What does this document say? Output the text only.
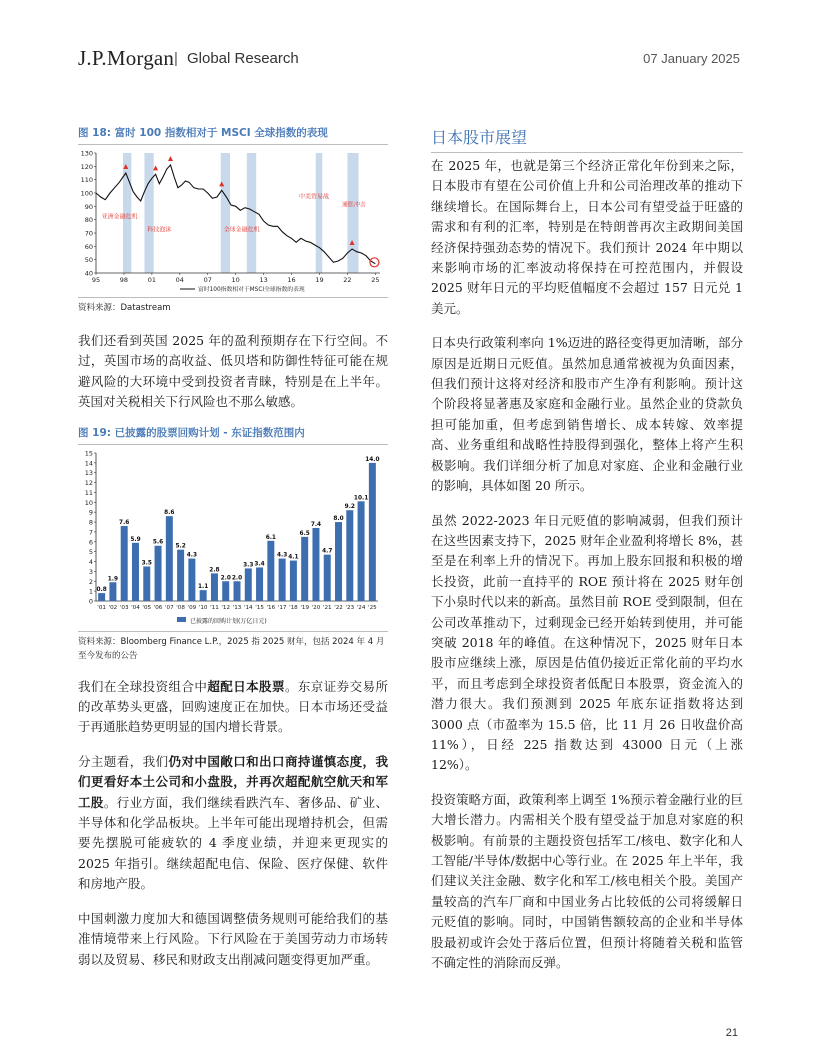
J.P.Morgan | Global Research	07 January 2025

图 18: 富时 100 指数相对于 MSCI 全球指数的表现

40
50
60
70
80
90
100
110
120
130
95	98	01	04	07	10	13	16	19	22	25
亚洲金融危机
科技泡沫	全球金融危机
中美贸易战
通胀冲击
富时100指数相对于MSCI全球指数的表现
资料来源：Datastream

我们还看到英国 2025 年的盈利预期存在下行空间。不过，英国市场的高收益、低贝塔和防御性特征可能在规避风险的大环境中受到投资者青睐，特别是在上半年。英国对关税相关下行风险也不那么敏感。

图 19: 已披露的股票回购计划 - 东证指数范围内

0
1
2
3
4
5
6
7
8
9
10
11
12
13
14
15
0.8
'01
1.9
'02
7.6
'03
5.9
'04
3.5
'05
5.6
'06
8.6
'07
5.2
'08
4.3
'09
1.1
'10
2.8
'11
2.0
'12
2.0
'13
3.3
'14
3.4
'15
6.1
'16
4.3
'17
4.1
'18
6.5
'19
7.4
'20
4.7
'21
8.0
'22
9.2
'23
10.1
'24
14.0
'25
已披露的回购计划(万亿日元)
资料来源：Bloomberg Finance L.P.，2025 指 2025 财年，包括 2024 年 4 月至今发布的公告

我们在全球投资组合中超配日本股票。东京证券交易所的改革势头更盛，回购速度正在加快。日本市场还受益于再通胀趋势更明显的国内增长背景。

分主题看，我们仍对中国敞口和出口商持谨慎态度，我们更看好本土公司和小盘股，并再次超配航空航天和军工股。行业方面，我们继续看跌汽车、奢侈品、矿业、半导体和化学品板块。上半年可能出现增持机会，但需要先摆脱可能疲软的 4 季度业绩，并迎来更现实的 2025 年指引。继续超配电信、保险、医疗保健、软件和房地产股。

中国刺激力度加大和德国调整债务规则可能给我们的基准情境带来上行风险。下行风险在于美国劳动力市场转弱以及贸易、移民和财政支出削减问题变得更加严重。

日本股市展望

在 2025 年，也就是第三个经济正常化年份到来之际，日本股市有望在公司价值上升和公司治理改革的推动下继续增长。在国际舞台上，日本公司有望受益于旺盛的需求和有利的汇率，特别是在特朗普再次主政期间美国经济保持强劲态势的情况下。我们预计 2024 年中期以来影响市场的汇率波动将保持在可控范围内，并假设 2025 财年日元的平均贬值幅度不会超过 157 日元兑 1 美元。

日本央行政策利率向 1%迈进的路径变得更加清晰，部分原因是近期日元贬值。虽然加息通常被视为负面因素，但我们预计这将对经济和股市产生净有利影响。预计这个阶段将显著惠及家庭和金融行业。虽然企业的贷款负担可能加重，但考虑到销售增长、成本转嫁、效率提高、业务重组和战略性持股得到强化，整体上将产生积极影响。我们详细分析了加息对家庭、企业和金融行业的影响，具体如图 20 所示。

虽然 2022-2023 年日元贬值的影响减弱，但我们预计在这些因素支持下，2025 财年企业盈利将增长 8%，甚至是在利率上升的情况下。再加上股东回报和积极的增长投资，此前一直持平的 ROE 预计将在 2025 财年创下小泉时代以来的新高。虽然目前 ROE 受到限制，但在公司改革推动下，过剩现金已经开始转到使用，并可能突破 2018 年的峰值。在这种情况下，2025 财年日本股市应继续上涨，原因是估值仍接近正常化前的平均水平，而且考虑到全球投资者低配日本股票，资金流入的潜力很大。我们预测到 2025 年底东证指数将达到 3000 点（市盈率为 15.5 倍，比 11 月 26 日收盘价高 11%），日经 225 指数达到 43000 日元（上涨 12%）。

投资策略方面，政策利率上调至 1%预示着金融行业的巨大增长潜力。内需相关个股有望受益于加息对家庭的积极影响。有前景的主题投资包括军工/核电、数字化和人工智能/半导体/数据中心等行业。在 2025 年上半年，我们建议关注金融、数字化和军工/核电相关个股。美国产量较高的汽车厂商和中国业务占比较低的公司将缓解日元贬值的影响。同时，中国销售额较高的企业和半导体股最初或许会处于落后位置，但预计将随着关税和监管不确定性的消除而反弹。

21
